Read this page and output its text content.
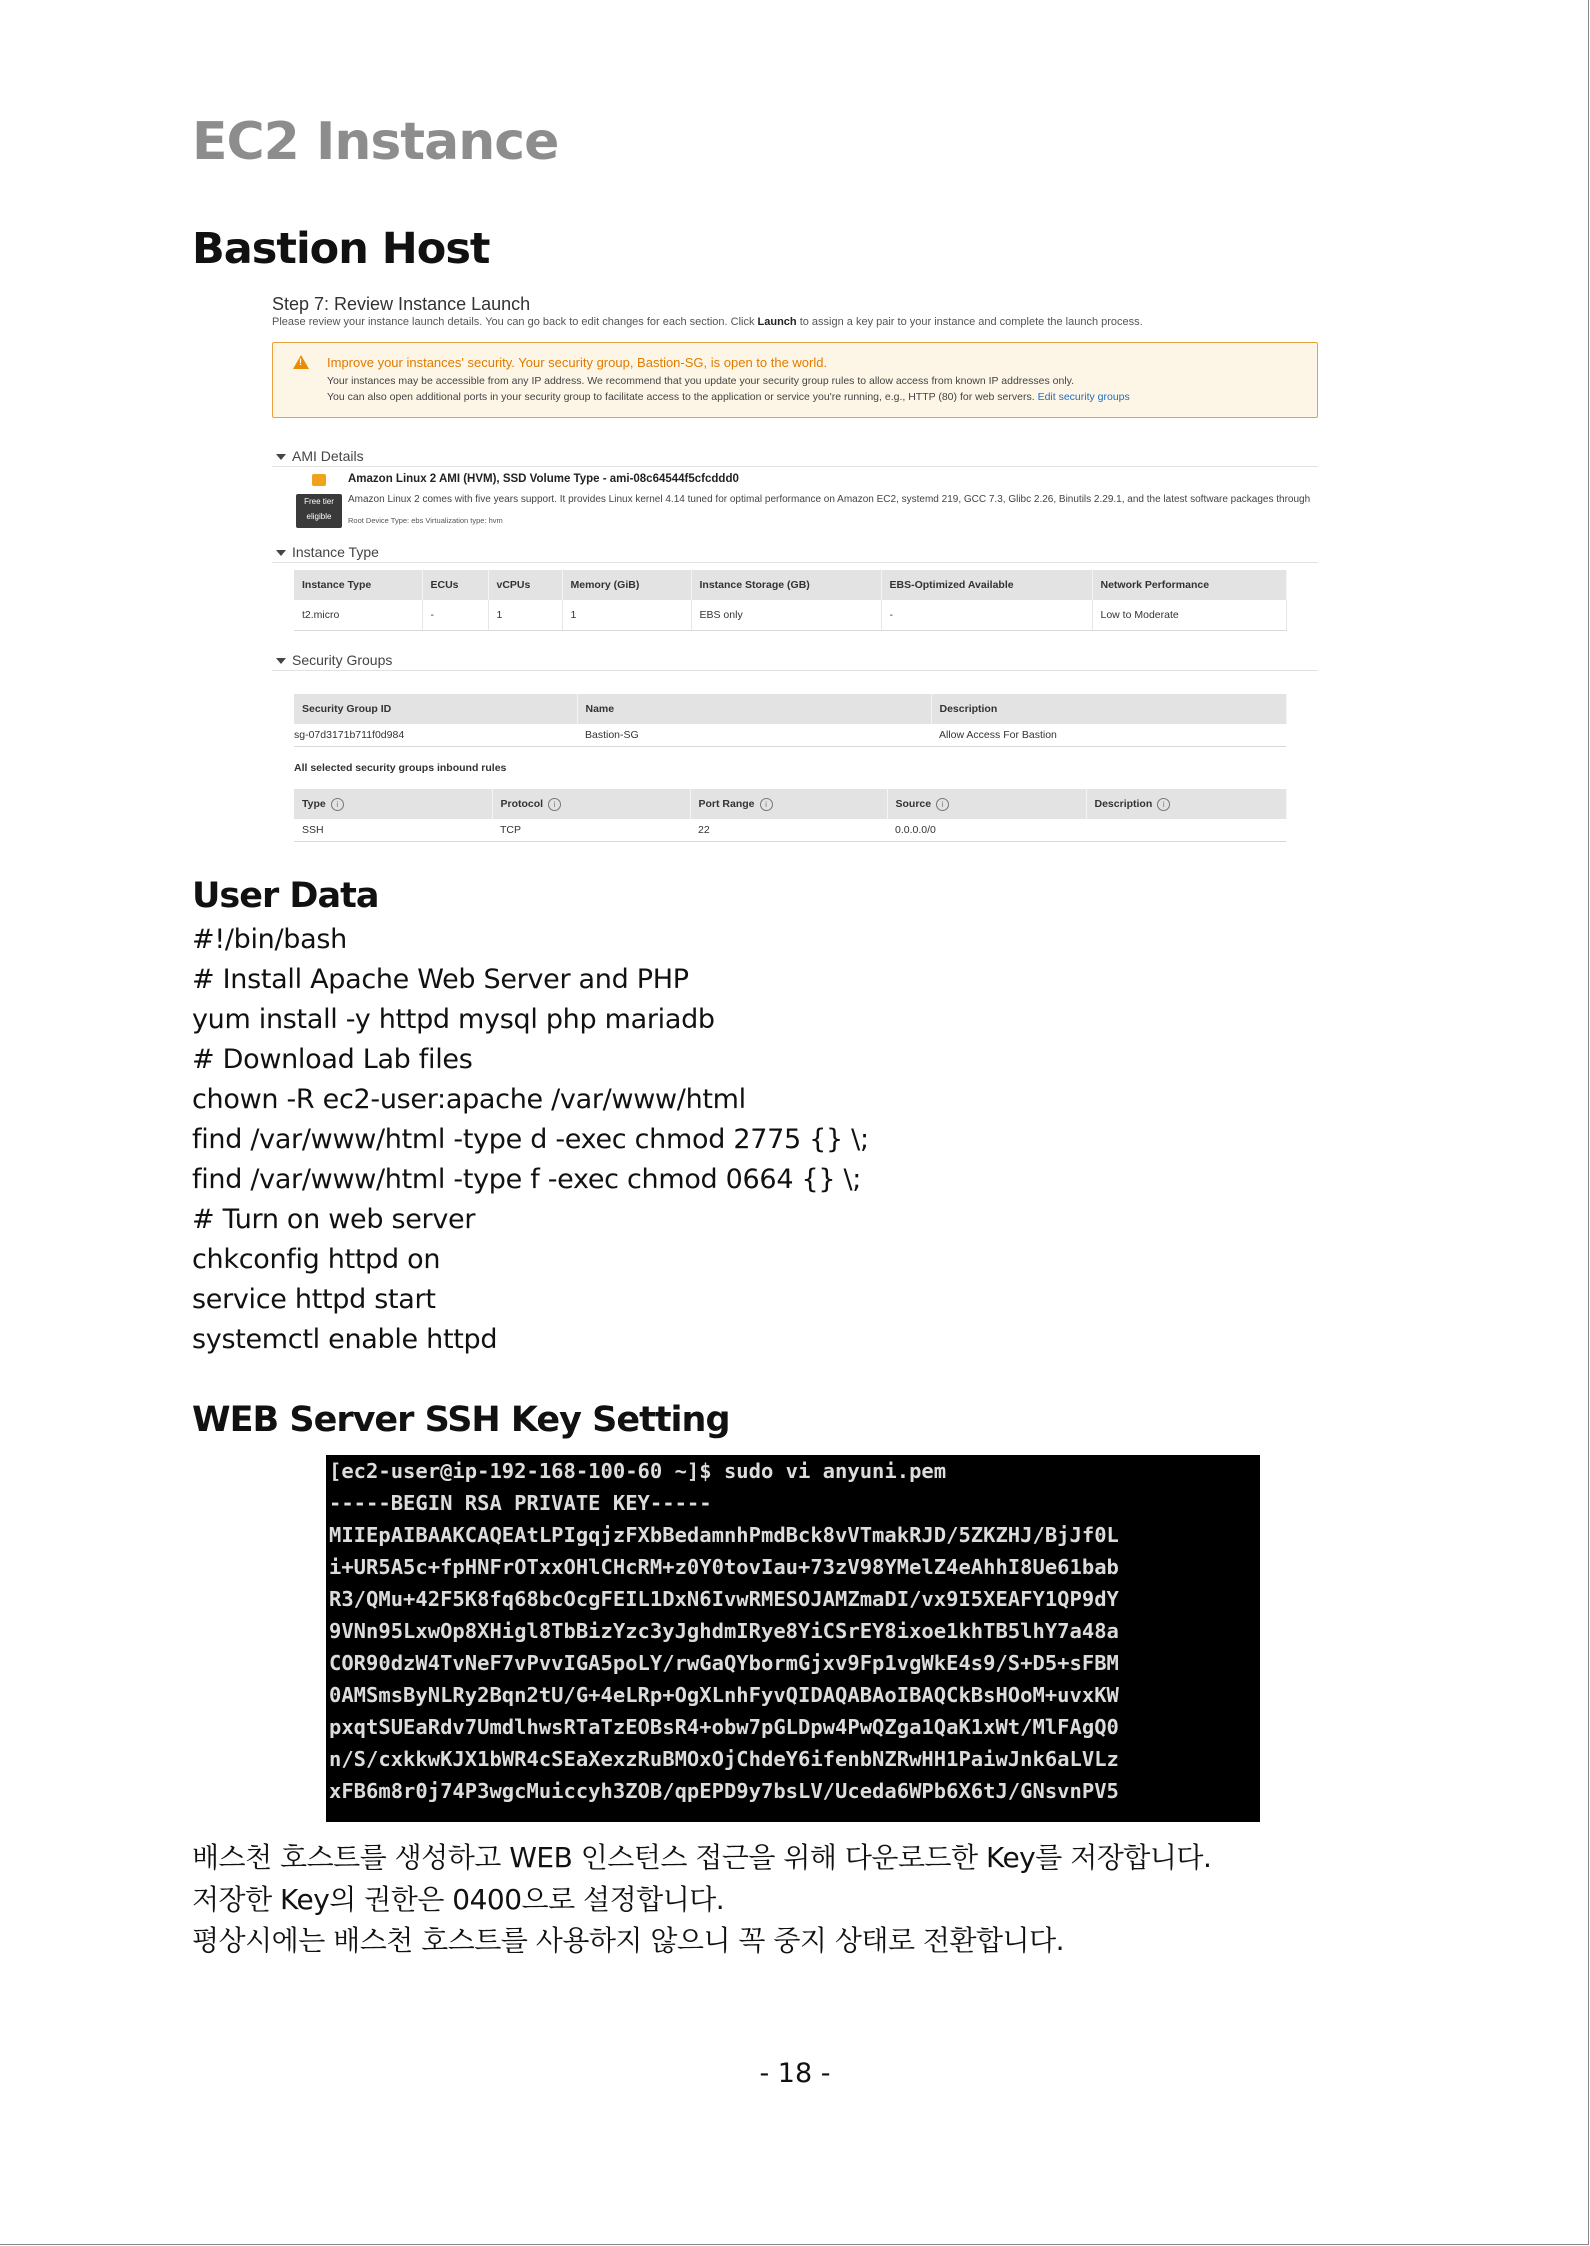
EC2 Instance
Bastion Host
Step 7: Review Instance Launch
Please review your instance launch details. You can go back to edit changes for each section. Click Launch to assign a key pair to your instance and complete the launch process.
! Improve your instances' security. Your security group, Bastion-SG, is open to the world.
Your instances may be accessible from any IP address. We recommend that you update your security group rules to allow access from known IP addresses only.
You can also open additional ports in your security group to facilitate access to the application or service you're running, e.g., HTTP (80) for web servers. Edit security groups
AMI Details
Amazon Linux 2 AMI (HVM), SSD Volume Type - ami-08c64544f5cfcddd0
Free tier
eligible
Amazon Linux 2 comes with five years support. It provides Linux kernel 4.14 tuned for optimal performance on Amazon EC2, systemd 219, GCC 7.3, Glibc 2.26, Binutils 2.29.1, and the latest software packages through
Root Device Type: ebs Virtualization type: hvm
Instance Type
Instance Type	ECUs	vCPUs	Memory (GiB)	Instance Storage (GB)	EBS-Optimized Available	Network Performance
t2.micro	-	1	1	EBS only	-	Low to Moderate
Security Groups
Security Group ID	Name	Description
sg-07d3171b711f0d984	Bastion-SG	Allow Access For Bastion
All selected security groups inbound rules
Type i	Protocol i	Port Range i	Source i	Description i
SSH	TCP	22	0.0.0.0/0	
User Data
#!/bin/bash
# Install Apache Web Server and PHP
yum install -y httpd mysql php mariadb
# Download Lab files
chown -R ec2-user:apache /var/www/html
find /var/www/html -type d -exec chmod 2775 {} \;
find /var/www/html -type f -exec chmod 0664 {} \;
# Turn on web server
chkconfig httpd on
service httpd start
systemctl enable httpd
WEB Server SSH Key Setting
[ec2-user@ip-192-168-100-60 ~]$ sudo vi anyuni.pem
-----BEGIN RSA PRIVATE KEY-----
MIIEpAIBAAKCAQEAtLPIgqjzFXbBedamnhPmdBck8vVTmakRJD/5ZKZHJ/BjJf0L
i+UR5A5c+fpHNFrOTxxOHlCHcRM+z0Y0tovIau+73zV98YMelZ4eAhhI8Ue61bab
R3/QMu+42F5K8fq68bcOcgFEIL1DxN6IvwRMESOJAMZmaDI/vx9I5XEAFY1QP9dY
9VNn95LxwOp8XHigl8TbBizYzc3yJghdmIRye8YiCSrEY8ixoe1khTB5lhY7a48a
COR90dzW4TvNeF7vPvvIGA5poLY/rwGaQYbormGjxv9Fp1vgWkE4s9/S+D5+sFBM
0AMSmsByNLRy2Bqn2tU/G+4eLRp+OgXLnhFyvQIDAQABAoIBAQCkBsHOoM+uvxKW
pxqtSUEaRdv7UmdlhwsRTaTzEOBsR4+obw7pGLDpw4PwQZga1QaK1xWt/MlFAgQ0
n/S/cxkkwKJX1bWR4cSEaXexzRuBMOxOjChdeY6ifenbNZRwHH1PaiwJnk6aLVLz
xFB6m8r0j74P3wgcMuiccyh3ZOB/qpEPD9y7bsLV/Uceda6WPb6X6tJ/GNsvnPV5
배스천 호스트를 생성하고 WEB 인스턴스 접근을 위해 다운로드한 Key를 저장합니다.
저장한 Key의 권한은 0400으로 설정합니다.
평상시에는 배스천 호스트를 사용하지 않으니 꼭 중지 상태로 전환합니다.
- 18 -
